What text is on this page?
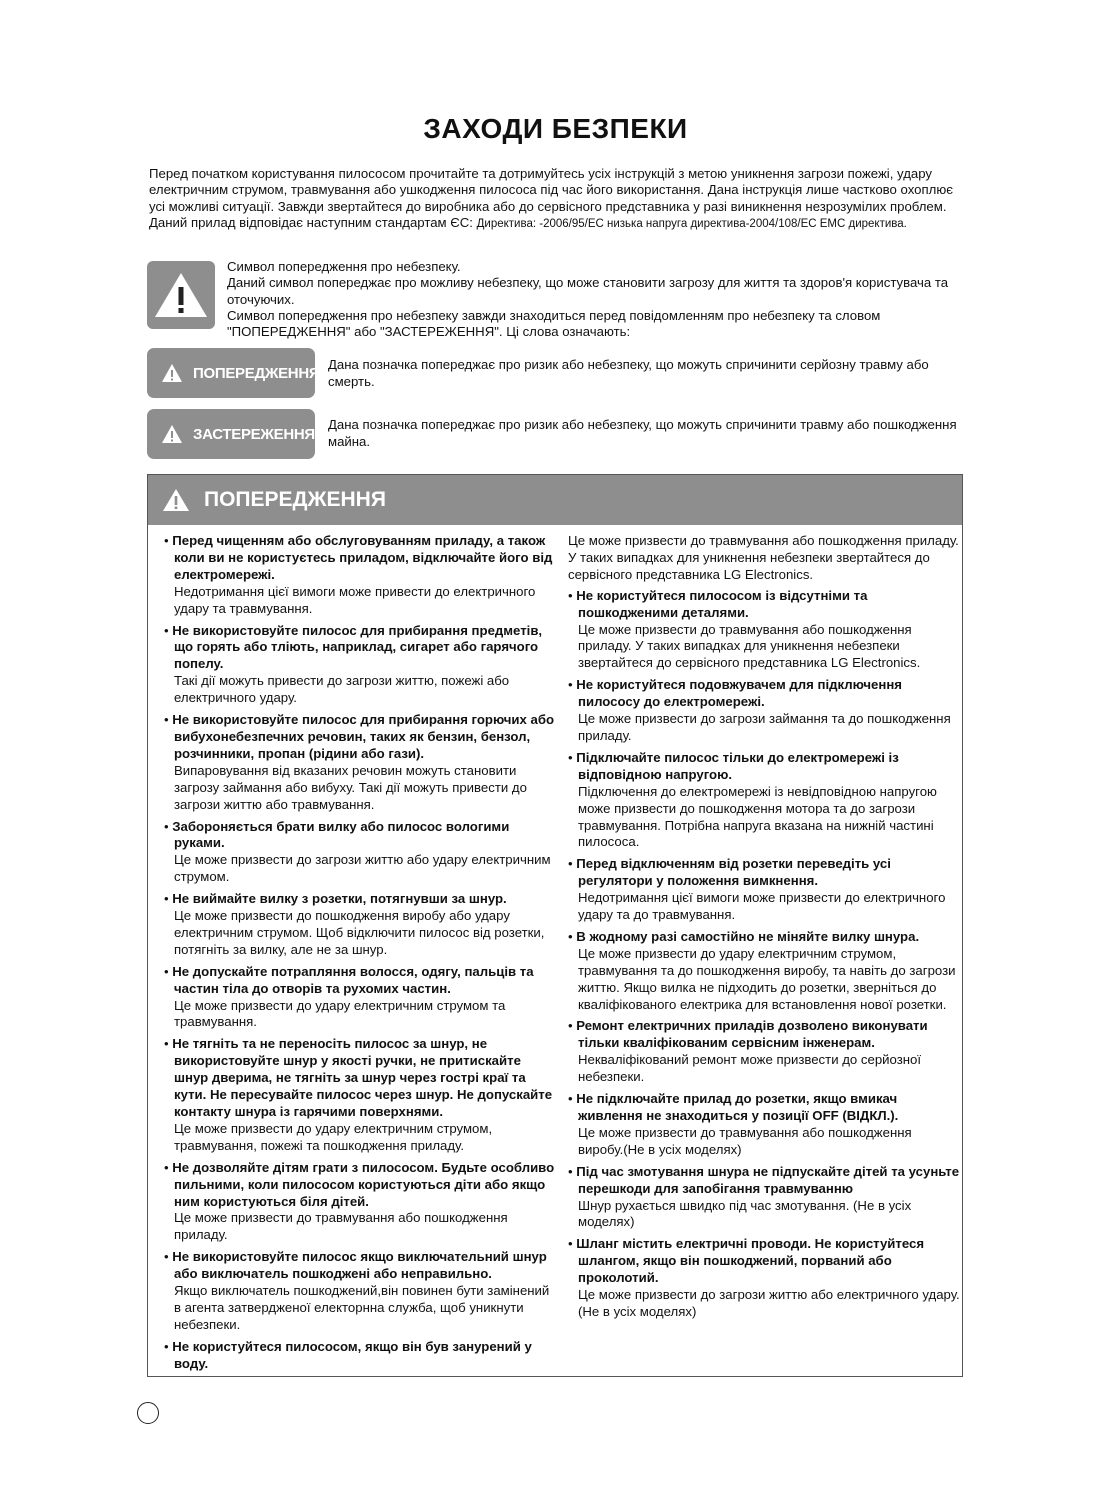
ЗАХОДИ БЕЗПЕКИ
Перед початком користування пилососом прочитайте та дотримуйтесь усіх інструкцій з метою уникнення загрози пожежі, удару електричним струмом, травмування або ушкодження пилососа під час його використання. Дана інструкція лише частково охоплює усі можливі ситуації. Завжди звертайтеся до виробника або до сервісного представника у разі виникнення незрозумілих проблем. Даний прилад відповідає наступним стандартам ЄС: Директива: -2006/95/ЕС низька напруга директива-2004/108/ЕС ЕМС директива.
Символ попередження про небезпеку.
Даний символ попереджає про можливу небезпеку, що може становити загрозу для життя та здоров'я користувача та оточуючих.
Символ попередження про небезпеку завжди знаходиться перед повідомленням про небезпеку та словом "ПОПЕРЕДЖЕННЯ" або "ЗАСТЕРЕЖЕННЯ". Ці слова означають:
ПОПЕРЕДЖЕННЯ Дана позначка попереджає про ризик або небезпеку, що можуть спричинити серйозну травму або смерть.
ЗАСТЕРЕЖЕННЯ
Дана позначка попереджає про ризик або небезпеку, що можуть спричинити травму або пошкодження майна.
ПОПЕРЕДЖЕННЯ
• Перед чищенням або обслуговуванням приладу, а також коли ви не користуєтесь приладом, відключайте його від електромережі.
Недотримання цієї вимоги може привести до електричного удару та травмування.
• Не використовуйте пилосос для прибирання предметів, що горять або тліють, наприклад, сигарет або гарячого попелу.
Такі дії можуть привести до загрози життю, пожежі або електричного удару.
• Не використовуйте пилосос для прибирання горючих або вибухонебезпечних речовин, таких як бензин, бензол, розчинники, пропан (рідини або гази).
Випаровування від вказаних речовин можуть становити загрозу займання або вибуху. Такі дії можуть привести до загрози життю або травмування.
• Забороняється брати вилку або пилосос вологими руками.
Це може призвести до загрози життю або удару електричним струмом.
• Не виймайте вилку з розетки, потягнувши за шнур.
Це може призвести до пошкодження виробу або удару електричним струмом. Щоб відключити пилосос від розетки, потягніть за вилку, але не за шнур.
• Не допускайте потрапляння волосся, одягу, пальців та частин тіла до отворів та рухомих частин.
Це може призвести до удару електричним струмом та травмування.
• Не тягніть та не переносіть пилосос за шнур, не використовуйте шнур у якості ручки, не притискайте шнур дверима, не тягніть за шнур через гострі краї та кути. Не пересувайте пилосос через шнур. Не допускайте контакту шнура із гарячими поверхнями.
Це може призвести до удару електричним струмом, травмування, пожежі та пошкодження приладу.
• Не дозволяйте дітям грати з пилососом. Будьте особливо пильними, коли пилососом користуються діти або якщо ним користуються біля дітей.
Це може призвести до травмування або пошкодження приладу.
• Не використовуйте пилосос якщо виключательний шнур або виключатель пошкоджені або неправильно.
Якщо виключатель пошкоджений,він повинен бути замінений в агента затвердженої електорнна служба, щоб уникнути небезпеки.
• Не користуйтеся пилососом, якщо він був занурений у воду.
Це може призвести до травмування або пошкодження приладу. У таких випадках для уникнення небезпеки звертайтеся до сервісного представника LG Electronics.
• Не користуйтеся пилососом із відсутніми та пошкодженими деталями.
Це може призвести до травмування або пошкодження приладу. У таких випадках для уникнення небезпеки звертайтеся до сервісного представника LG Electronics.
• Не користуйтеся подовжувачем для підключення пилососу до електромережі.
Це може призвести до загрози займання та до пошкодження приладу.
• Підключайте пилосос тільки до електромережі із відповідною напругою.
Підключення до електромережі із невідповідною напругою може призвести до пошкодження мотора та до загрози травмування. Потрібна напруга вказана на нижній частині пилососа.
• Перед відключенням від розетки переведіть усі регулятори у положення вимкнення.
Недотримання цієї вимоги може призвести до електричного удару та до травмування.
• В жодному разі самостійно не міняйте вилку шнура.
Це може призвести до удару електричним струмом, травмування та до пошкодження виробу, та навіть до загрози життю. Якщо вилка не підходить до розетки, зверніться до кваліфікованого електрика для встановлення нової розетки.
• Ремонт електричних приладів дозволено виконувати тільки кваліфікованим сервісним інженерам.
Некваліфікований ремонт може призвести до серйозної небезпеки.
• Не підключайте прилад до розетки, якщо вмикач живлення не знаходиться у позиції OFF (ВІДКЛ.).
Це може призвести до травмування або пошкодження виробу.(Не в усіх моделях)
• Під час змотування шнура не підпускайте дітей та усуньте перешкоди для запобігання травмуванню
Шнур рухається швидко під час змотування. (Не в усіх моделях)
• Шланг містить електричні проводи. Не користуйтеся шлангом, якщо він пошкоджений, порваний або проколотий.
Це може призвести до загрози життю або електричного удару.(Не в усіх моделях)
